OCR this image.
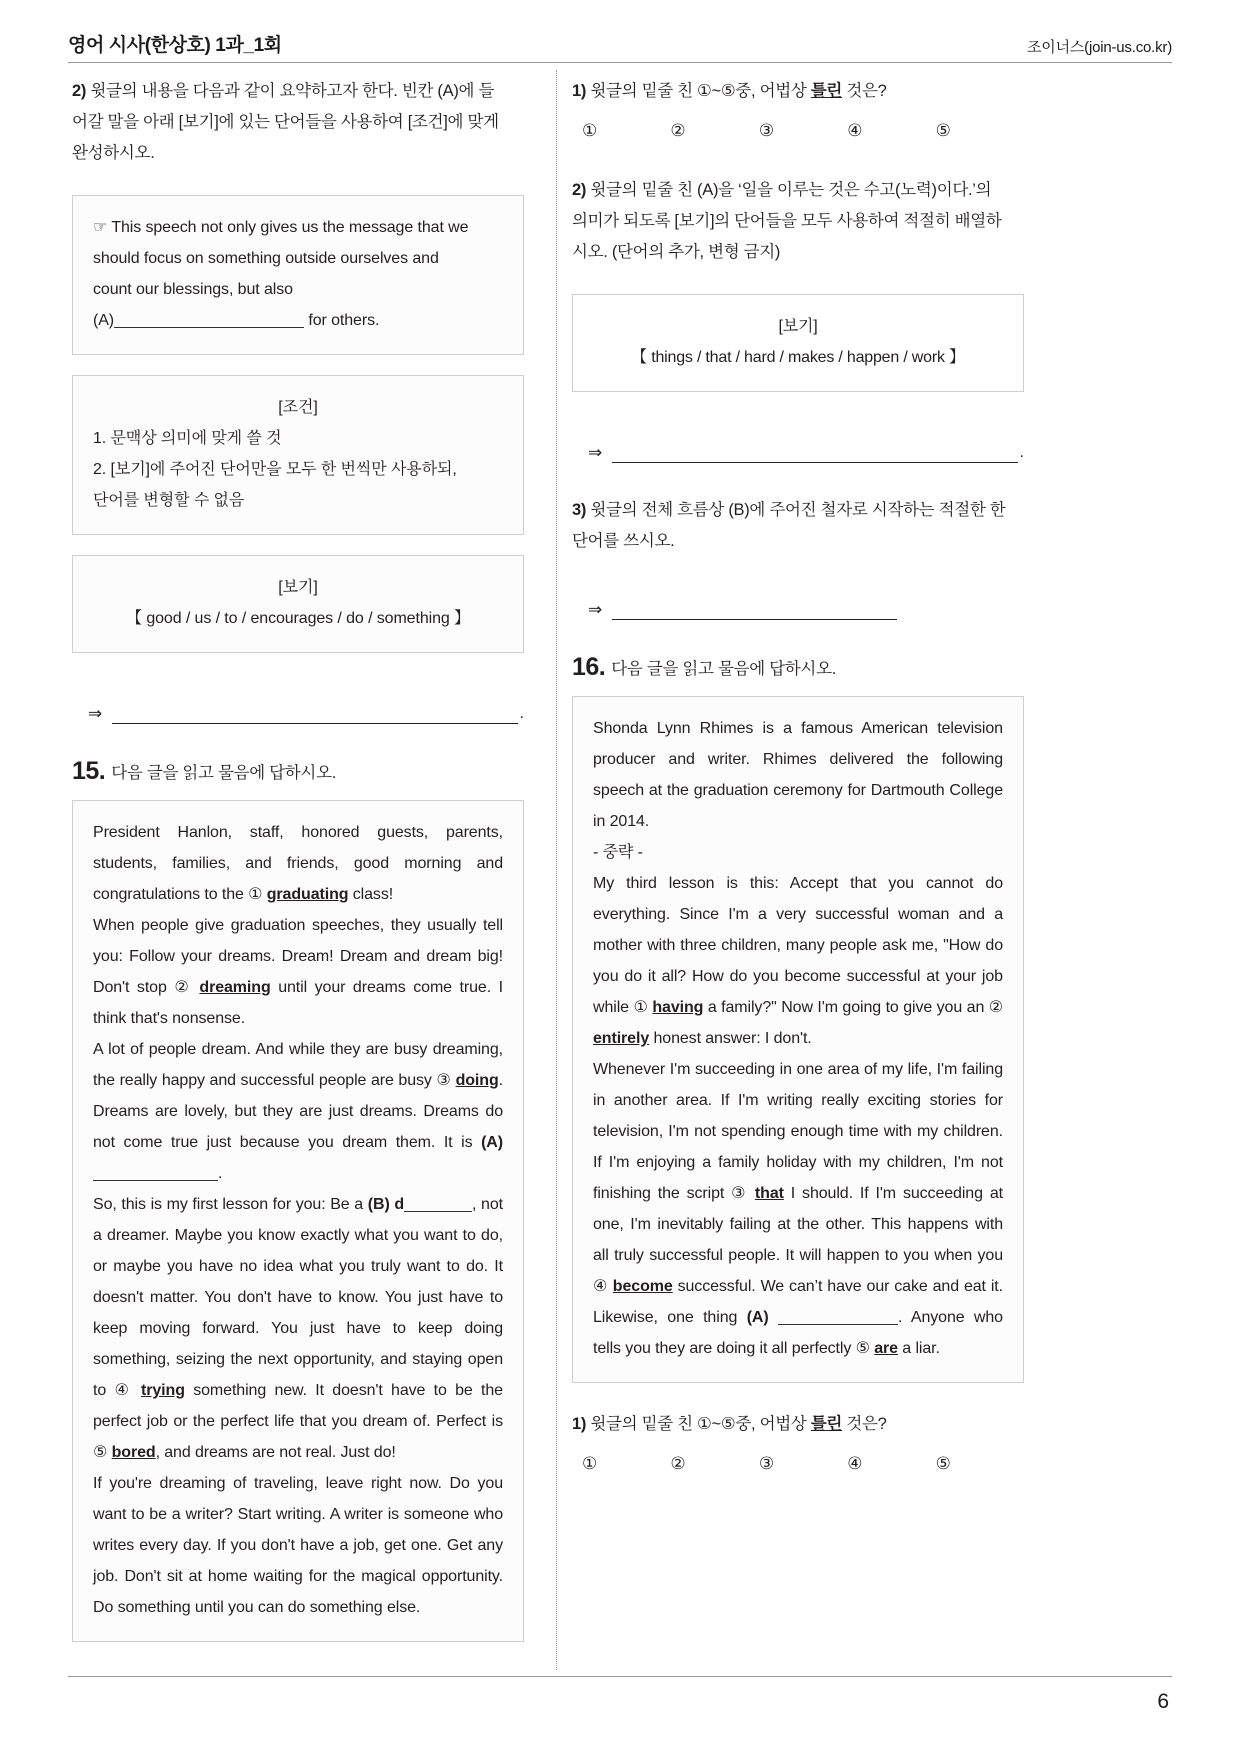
영어 시사(한상호) 1과_1회	조이너스(join-us.co.kr)
2) 윗글의 내용을 다음과 같이 요약하고자 한다. 빈칸 (A)에 들
어갈 말을 아래 [보기]에 있는 단어들을 사용하여 [조건]에 맞게
완성하시오.

☞ This speech not only gives us the message that we
should focus on something outside ourselves and
count our blessings, but also
(A)	for others.

[조건]

1. 문맥상 의미에 맞게 쓸 것

2. [보기]에 주어진 단어만을 모두 한 번씩만 사용하되,
단어를 변형할 수 없음

[보기]

【 good / us / to / encourages / do / something 】

⇒	.
15. 다음 글을 읽고 물음에 답하시오.

President Hanlon, staff, honored guests, parents, students, families, and friends, good morning and congratulations to the ① graduating class!

When people give graduation speeches, they usually tell you: Follow your dreams. Dream! Dream and dream big! Don't stop ② dreaming until your dreams come true. I think that's nonsense.

A lot of people dream. And while they are busy dreaming, the really happy and successful people are busy ③ doing. Dreams are lovely, but they are just dreams. Dreams do not come true just because you dream them. It is (A) .

So, this is my first lesson for you: Be a (B) d	, not a dreamer. Maybe you know exactly what you want to do, or maybe you have no idea what you truly want to do. It doesn't matter. You don't have to know. You just have to keep moving forward. You just have to keep doing something, seizing the next opportunity, and staying open to ④ trying something new. It doesn't have to be the perfect job or the perfect life that you dream of. Perfect is ⑤ bored, and dreams are not real. Just do!

If you're dreaming of traveling, leave right now. Do you want to be a writer? Start writing. A writer is someone who writes every day. If you don't have a job, get one. Get any job. Don't sit at home waiting for the magical opportunity. Do something until you can do something else.

1) 윗글의 밑줄 친 ①~⑤중, 어법상 틀린 것은?
①	②	③	④	⑤
2) 윗글의 밑줄 친 (A)을 ‘일을 이루는 것은 수고(노력)이다.’의
의미가 되도록 [보기]의 단어들을 모두 사용하여 적절히 배열하
시오. (단어의 추가, 변형 금지)

[보기]

【 things / that / hard / makes / happen / work 】

⇒	.
3) 윗글의 전체 흐름상 (B)에 주어진 철자로 시작하는 적절한 한
단어를 쓰시오.
⇒
16. 다음 글을 읽고 물음에 답하시오.

Shonda Lynn Rhimes is a famous American television producer and writer. Rhimes delivered the following speech at the graduation ceremony for Dartmouth College in 2014.

- 중략 -

My third lesson is this: Accept that you cannot do everything. Since I'm a very successful woman and a mother with three children, many people ask me, "How do you do it all? How do you become successful at your job while ① having a family?" Now I'm going to give you an ② entirely honest answer: I don't.

Whenever I'm succeeding in one area of my life, I'm failing in another area. If I'm writing really exciting stories for television, I'm not spending enough time with my children. If I'm enjoying a family holiday with my children, I'm not finishing the script ③ that I should. If I'm succeeding at one, I'm inevitably failing at the other. This happens with all truly successful people. It will happen to you when you ④ become successful. We can’t have our cake and eat it. Likewise, one thing (A)	. Anyone who tells you they are doing it all perfectly ⑤ are a liar.

1) 윗글의 밑줄 친 ①~⑤중, 어법상 틀린 것은?
①	②	③	④	⑤
6
